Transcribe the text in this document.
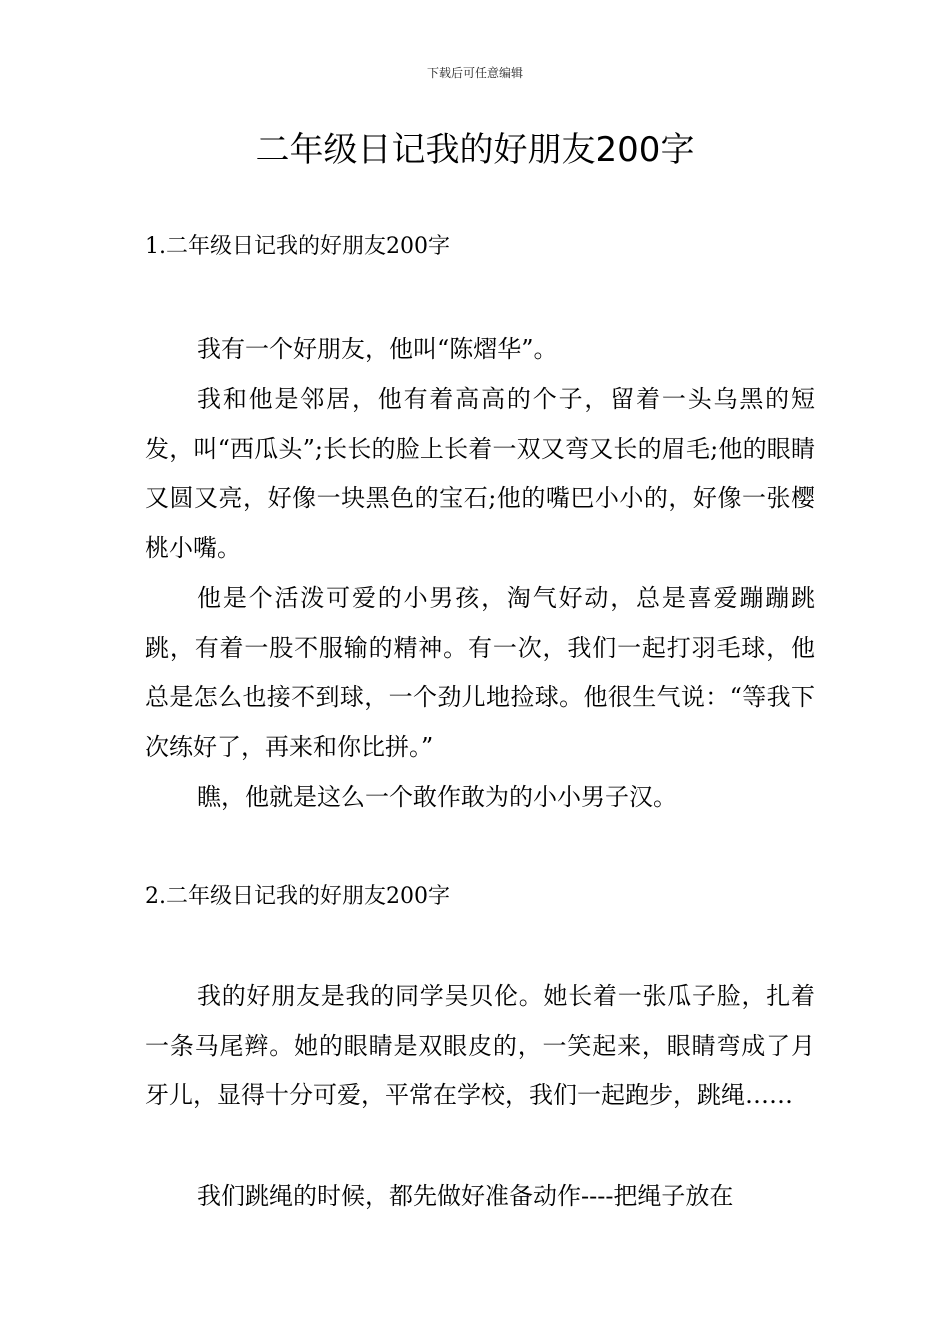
下载后可任意编辑
二年级日记我的好朋友200字
1.二年级日记我的好朋友200字

我有一个好朋友，他叫“陈熠华”。

我和他是邻居，他有着高高的个子，留着一头乌黑的短发，叫“西瓜头”;长长的脸上长着一双又弯又长的眉毛;他的眼睛又圆又亮，好像一块黑色的宝石;他的嘴巴小小的，好像一张樱桃小嘴。

他是个活泼可爱的小男孩，淘气好动，总是喜爱蹦蹦跳跳，有着一股不服输的精神。有一次，我们一起打羽毛球，他总是怎么也接不到球，一个劲儿地捡球。他很生气说：“等我下次练好了，再来和你比拼。”

瞧，他就是这么一个敢作敢为的小小男子汉。

2.二年级日记我的好朋友200字

我的好朋友是我的同学吴贝伦。她长着一张瓜子脸，扎着一条马尾辫。她的眼睛是双眼皮的，一笑起来，眼睛弯成了月牙儿，显得十分可爱，平常在学校，我们一起跑步，跳绳……

我们跳绳的时候，都先做好准备动作----把绳子放在
